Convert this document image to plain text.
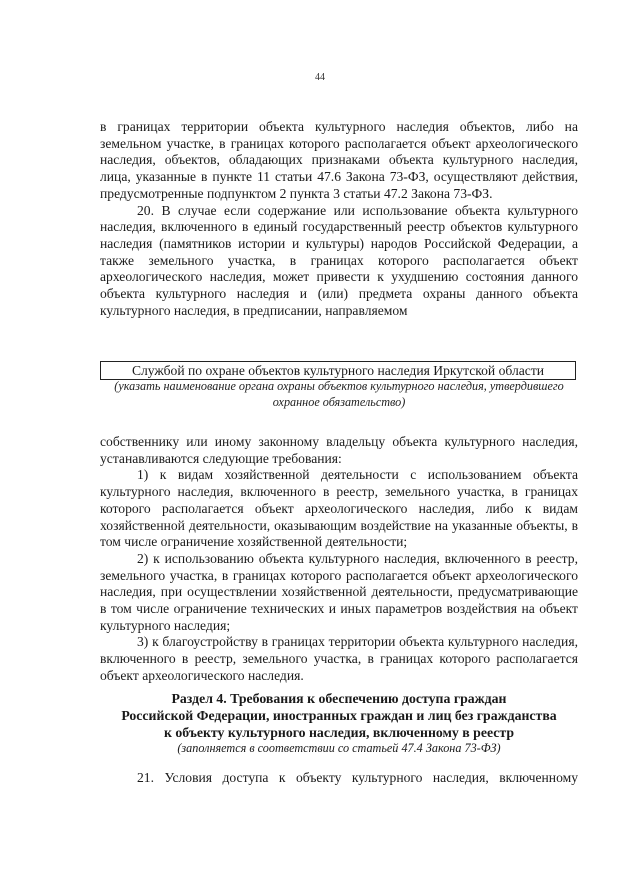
44

в границах территории объекта культурного наследия объектов, либо на земельном участке, в границах которого располагается объект археологического наследия, объектов, обладающих признаками объекта культурного наследия, лица, указанные в пункте 11 статьи 47.6 Закона 73-ФЗ, осуществляют действия, предусмотренные подпунктом 2 пункта 3 статьи 47.2 Закона 73-ФЗ.

20. В случае если содержание или использование объекта культурного наследия, включенного в единый государственный реестр объектов культурного наследия (памятников истории и культуры) народов Российской Федерации, а также земельного участка, в границах которого располагается объект археологического наследия, может привести к ухудшению состояния данного объекта культурного наследия и (или) предмета охраны данного объекта культурного наследия, в предписании, направляемом

Службой по охране объектов культурного наследия Иркутской области
(указать наименование органа охраны объектов культурного наследия, утвердившего охранное обязательство)

собственнику или иному законному владельцу объекта культурного наследия, устанавливаются следующие требования:

1) к видам хозяйственной деятельности с использованием объекта культурного наследия, включенного в реестр, земельного участка, в границах которого располагается объект археологического наследия, либо к видам хозяйственной деятельности, оказывающим воздействие на указанные объекты, в том числе ограничение хозяйственной деятельности;

2) к использованию объекта культурного наследия, включенного в реестр, земельного участка, в границах которого располагается объект археологического наследия, при осуществлении хозяйственной деятельности, предусматривающие в том числе ограничение технических и иных параметров воздействия на объект культурного наследия;

3) к благоустройству в границах территории объекта культурного наследия, включенного в реестр, земельного участка, в границах которого располагается объект археологического наследия.

Раздел 4. Требования к обеспечению доступа граждан
Российской Федерации, иностранных граждан и лиц без гражданства
к объекту культурного наследия, включенному в реестр
(заполняется в соответствии со статьей 47.4 Закона 73-ФЗ)
21. Условия доступа к объекту культурного наследия, включенному
